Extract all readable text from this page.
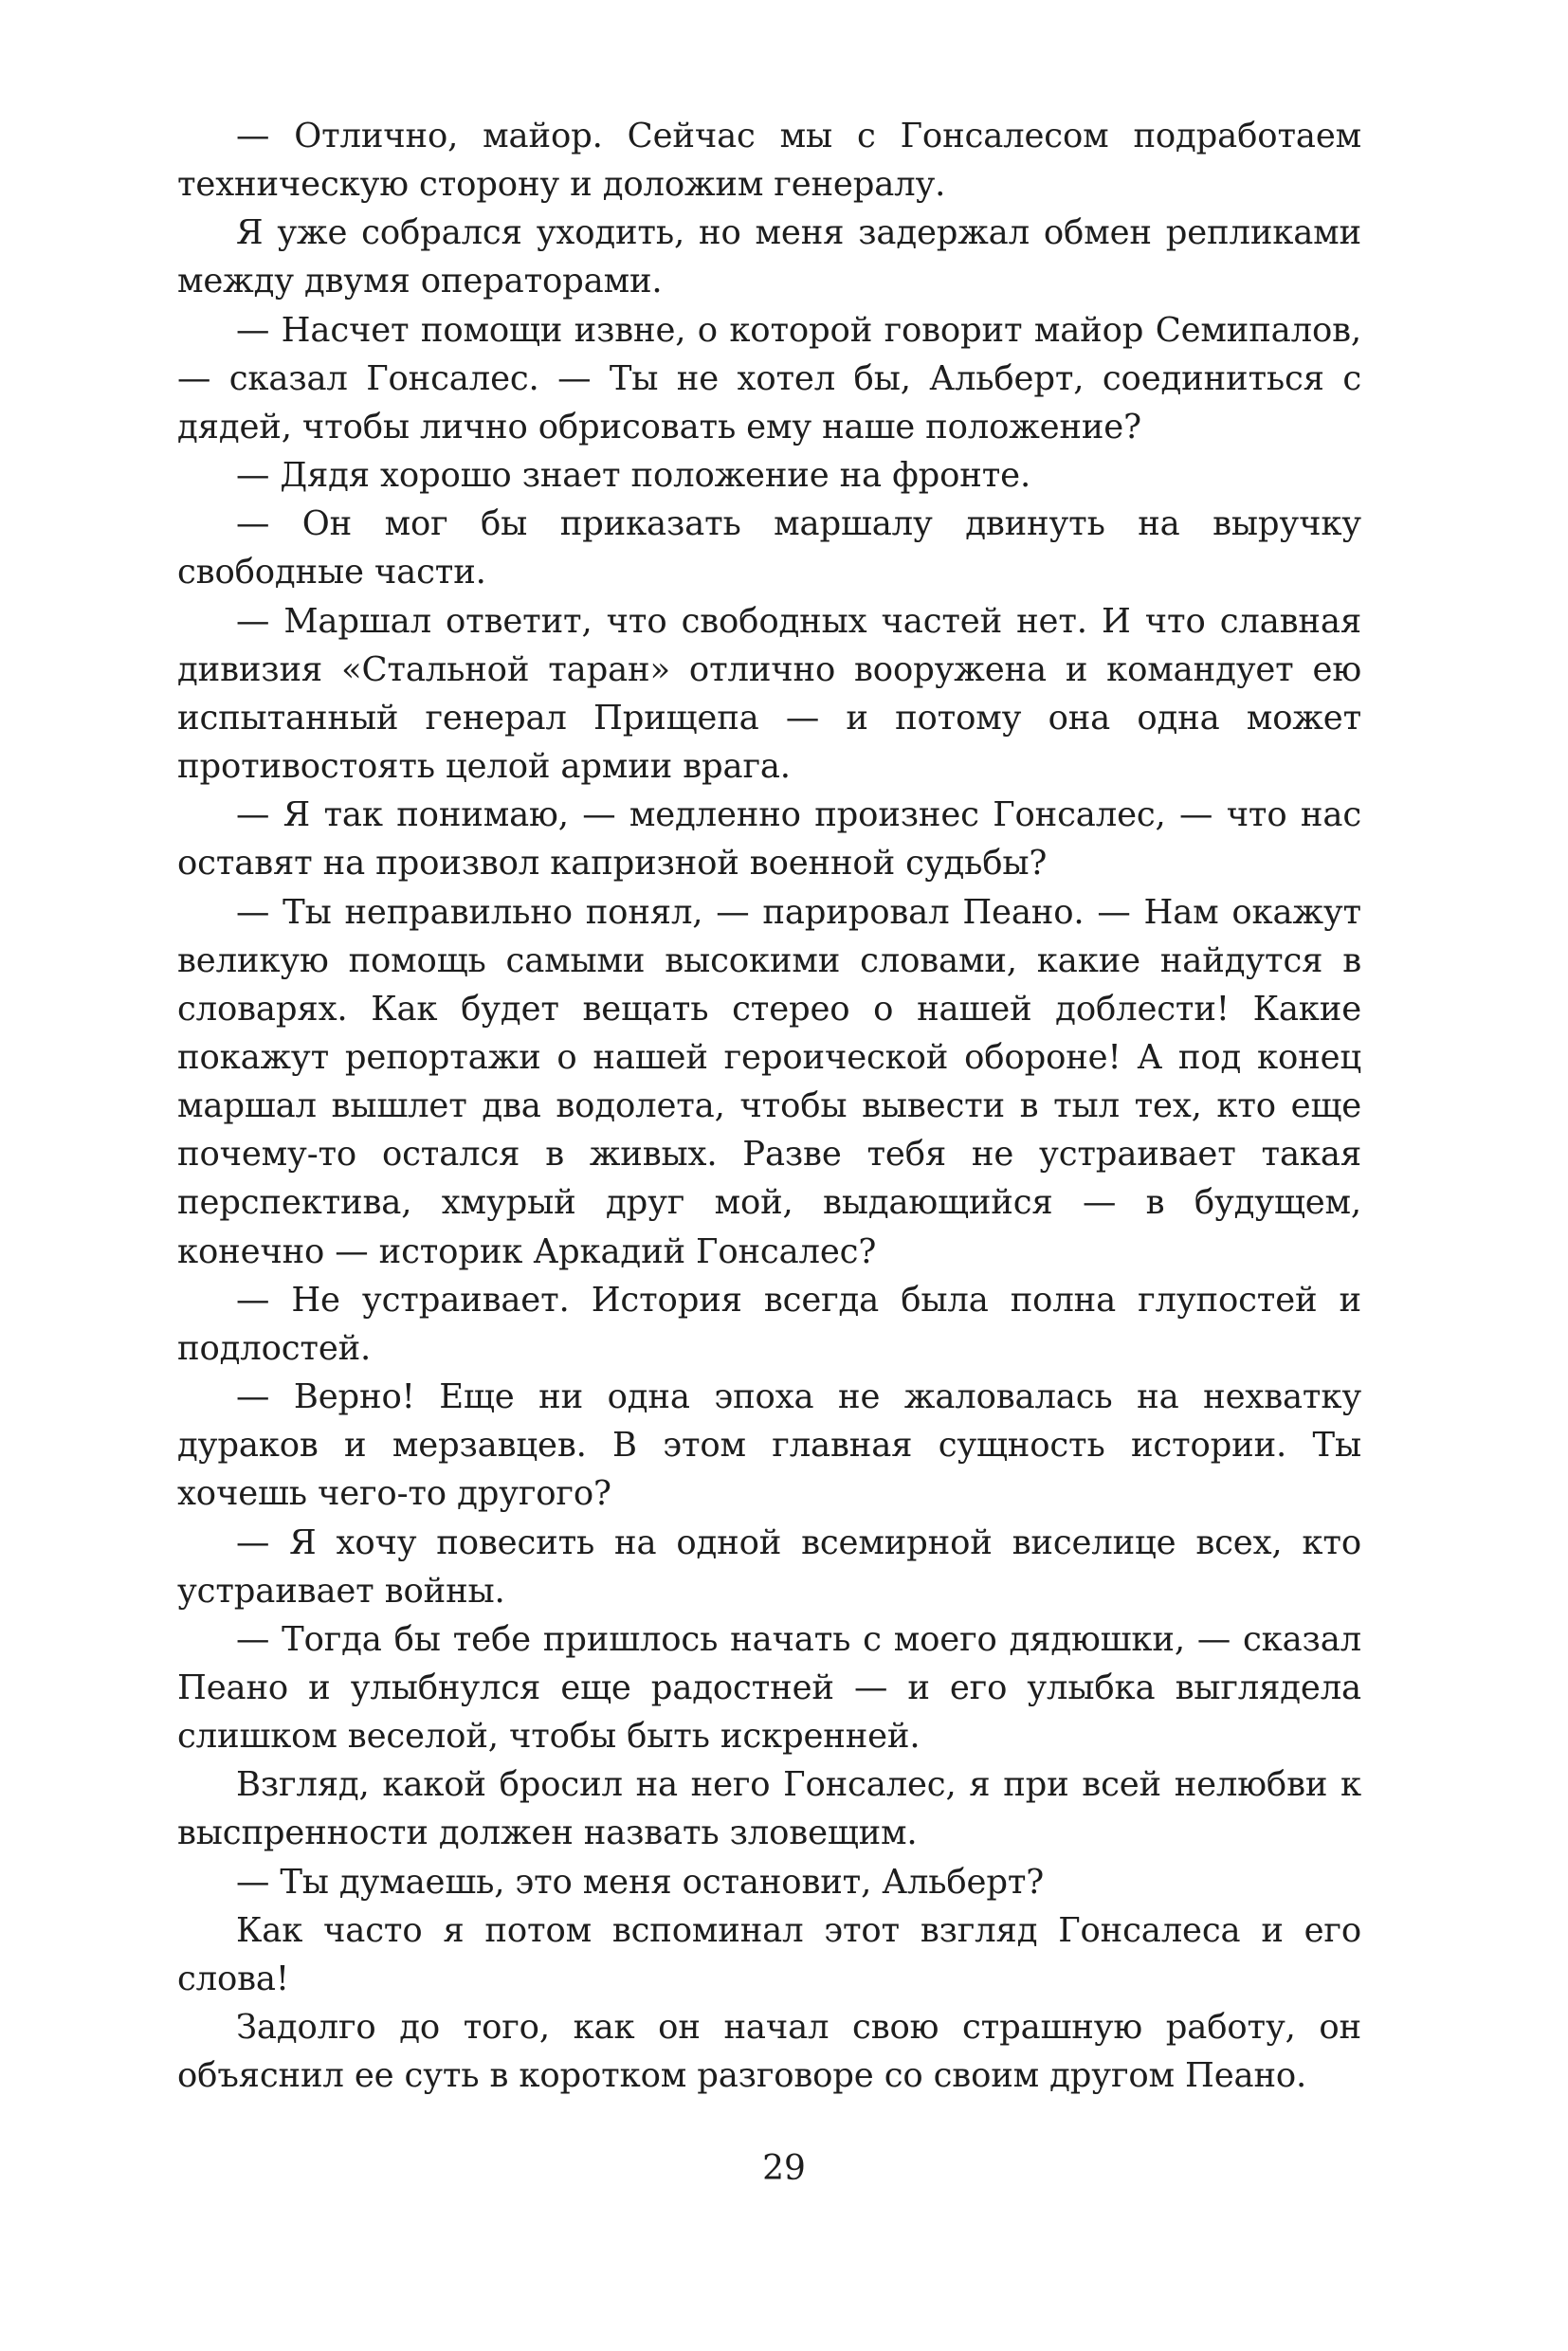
— Отлично, майор. Сейчас мы с Гонсалесом подработаем техническую сторону и доложим генералу.

Я уже собрался уходить, но меня задержал обмен репликами между двумя операторами.

— Насчет помощи извне, о которой говорит майор Семипалов, — сказал Гонсалес. — Ты не хотел бы, Альберт, соединиться с дядей, чтобы лично обрисовать ему наше положение?

— Дядя хорошо знает положение на фронте.

— Он мог бы приказать маршалу двинуть на выручку свободные части.

— Маршал ответит, что свободных частей нет. И что славная дивизия «Стальной таран» отлично вооружена и командует ею испытанный генерал Прищепа — и потому она одна может противостоять целой армии врага.

— Я так понимаю, — медленно произнес Гонсалес, — что нас оставят на произвол капризной военной судьбы?

— Ты неправильно понял, — парировал Пеано. — Нам окажут великую помощь самыми высокими словами, какие найдутся в словарях. Как будет вещать стерео о нашей доблести! Какие покажут репортажи о нашей героической обороне! А под конец маршал вышлет два водолета, чтобы вывести в тыл тех, кто еще почему-то остался в живых. Разве тебя не устраивает такая перспектива, хмурый друг мой, выдающийся — в будущем, конечно — историк Аркадий Гонсалес?

— Не устраивает. История всегда была полна глупостей и подлостей.

— Верно! Еще ни одна эпоха не жаловалась на нехватку дураков и мерзавцев. В этом главная сущность истории. Ты хочешь чего-то другого?

— Я хочу повесить на одной всемирной виселице всех, кто устраивает войны.

— Тогда бы тебе пришлось начать с моего дядюшки, — сказал Пеано и улыбнулся еще радостней — и его улыбка выглядела слишком веселой, чтобы быть искренней.

Взгляд, какой бросил на него Гонсалес, я при всей нелюбви к выспренности должен назвать зловещим.

— Ты думаешь, это меня остановит, Альберт?

Как часто я потом вспоминал этот взгляд Гонсалеса и его слова!

Задолго до того, как он начал свою страшную работу, он объяснил ее суть в коротком разговоре со своим другом Пеано.

29
